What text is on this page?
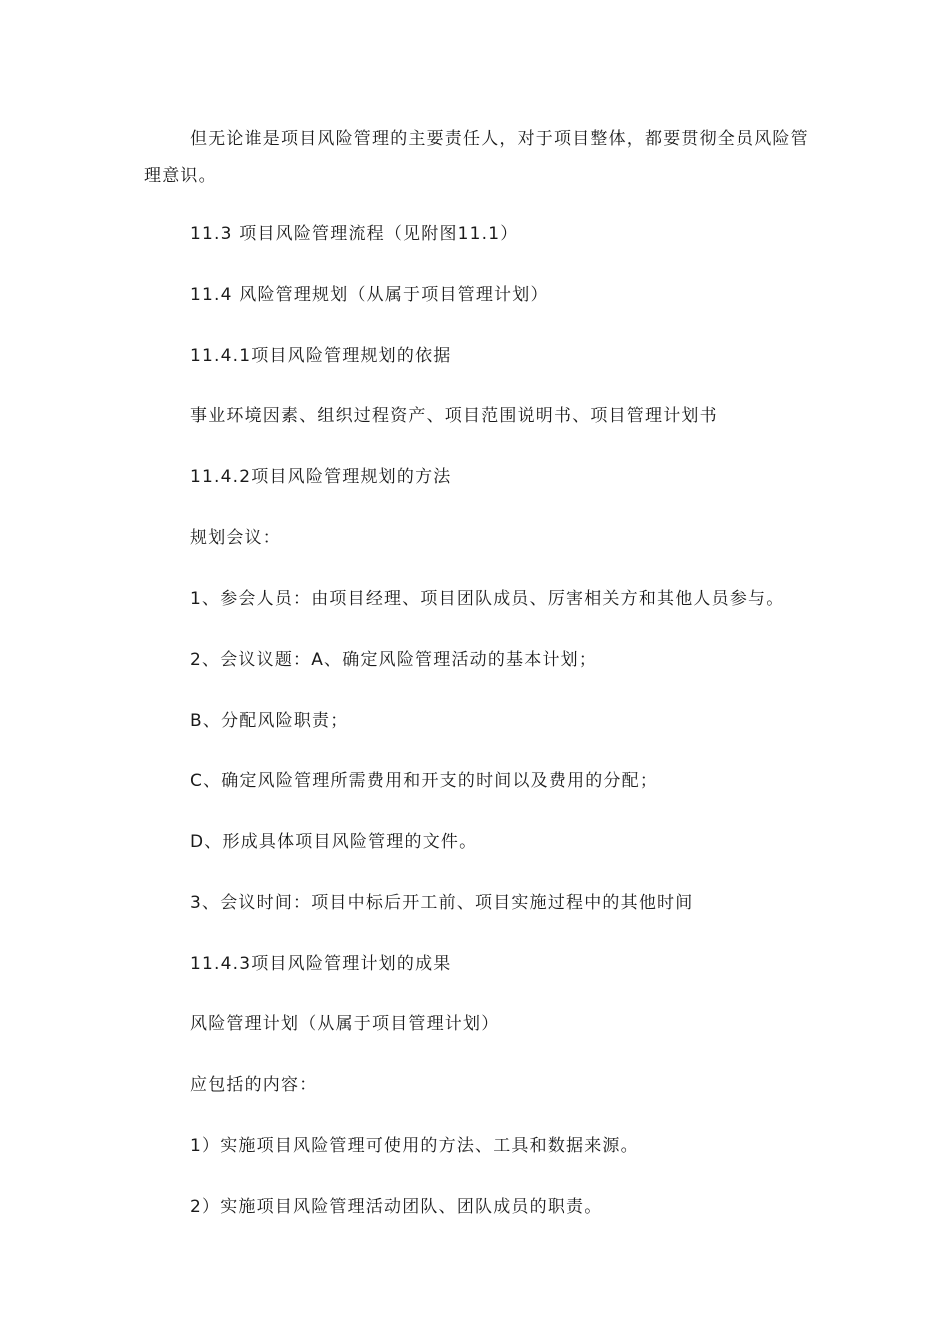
但无论谁是项目风险管理的主要责任人，对于项目整体，都要贯彻全员风险管理意识。

11.3 项目风险管理流程（见附图11.1）
11.4 风险管理规划（从属于项目管理计划）
11.4.1项目风险管理规划的依据
事业环境因素、组织过程资产、项目范围说明书、项目管理计划书
11.4.2项目风险管理规划的方法
规划会议：
1、参会人员：由项目经理、项目团队成员、厉害相关方和其他人员参与。
2、会议议题：A、确定风险管理活动的基本计划；
B、分配风险职责；
C、确定风险管理所需费用和开支的时间以及费用的分配；
D、形成具体项目风险管理的文件。
3、会议时间：项目中标后开工前、项目实施过程中的其他时间
11.4.3项目风险管理计划的成果
风险管理计划（从属于项目管理计划）
应包括的内容：
1）实施项目风险管理可使用的方法、工具和数据来源。
2）实施项目风险管理活动团队、团队成员的职责。
